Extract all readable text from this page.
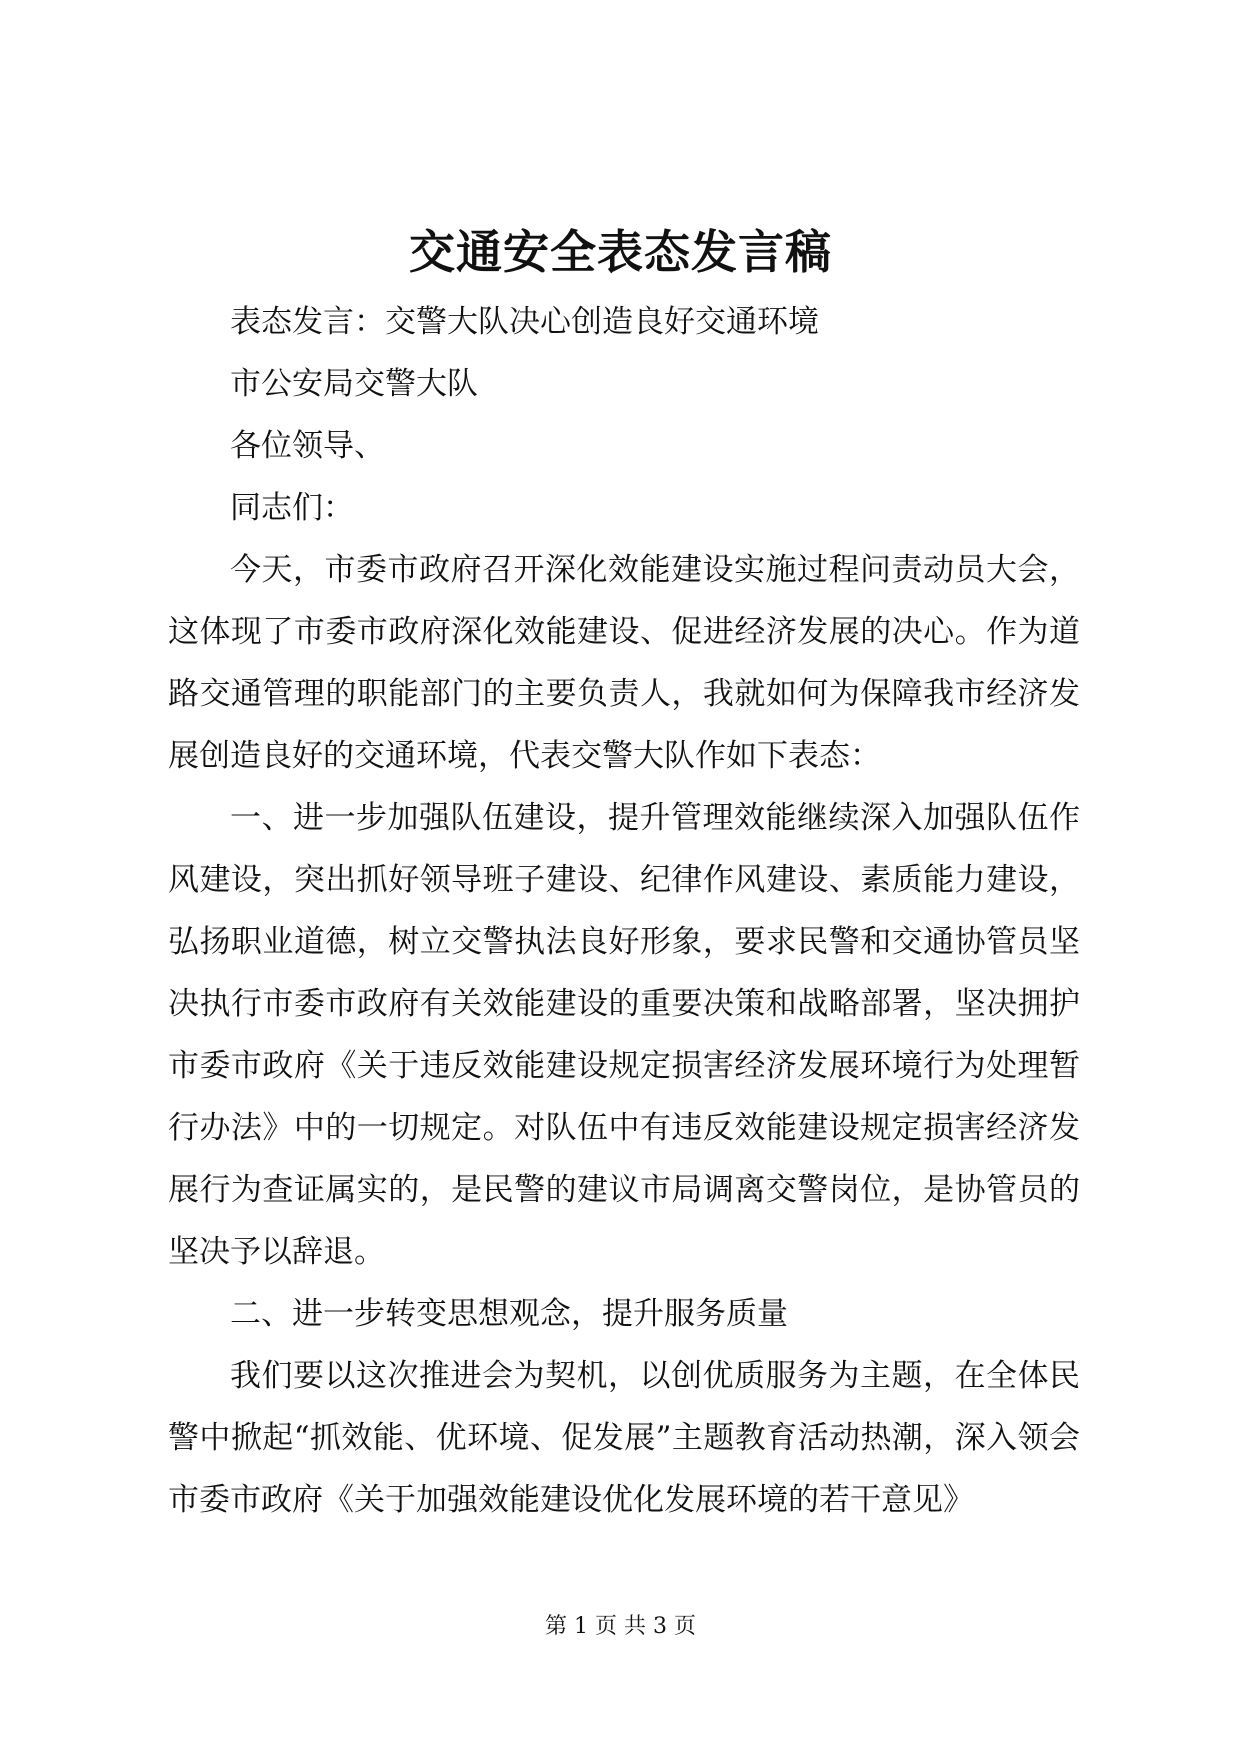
交通安全表态发言稿

表态发言：交警大队决心创造良好交通环境

市公安局交警大队

各位领导、

同志们：

今天，市委市政府召开深化效能建设实施过程问责动员大会，这体现了市委市政府深化效能建设、促进经济发展的决心。作为道路交通管理的职能部门的主要负责人，我就如何为保障我市经济发展创造良好的交通环境，代表交警大队作如下表态：

一、进一步加强队伍建设，提升管理效能继续深入加强队伍作风建设，突出抓好领导班子建设、纪律作风建设、素质能力建设，弘扬职业道德，树立交警执法良好形象，要求民警和交通协管员坚决执行市委市政府有关效能建设的重要决策和战略部署，坚决拥护市委市政府《关于违反效能建设规定损害经济发展环境行为处理暂行办法》中的一切规定。对队伍中有违反效能建设规定损害经济发展行为查证属实的，是民警的建议市局调离交警岗位，是协管员的坚决予以辞退。

二、进一步转变思想观念，提升服务质量

我们要以这次推进会为契机，以创优质服务为主题，在全体民警中掀起“抓效能、优环境、促发展”主题教育活动热潮，深入领会市委市政府《关于加强效能建设优化发展环境的若干意见》

第 1 页 共 3 页
